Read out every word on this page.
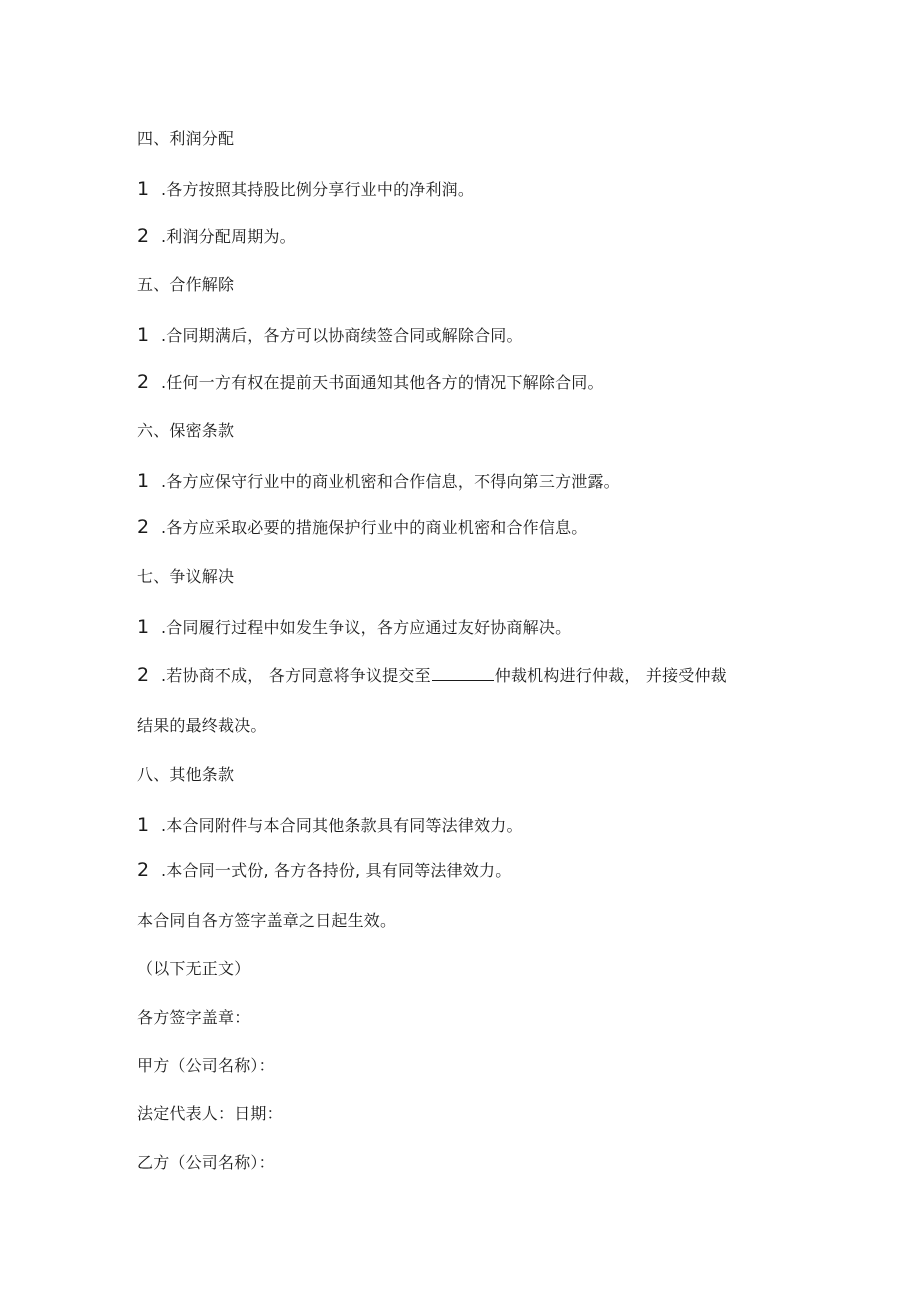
四、利润分配
1 .各方按照其持股比例分享行业中的净利润。
2 .利润分配周期为。
五、合作解除
1 .合同期满后，各方可以协商续签合同或解除合同。
2 .任何一方有权在提前天书面通知其他各方的情况下解除合同。
六、保密条款
1 .各方应保守行业中的商业机密和合作信息，不得向第三方泄露。
2 .各方应采取必要的措施保护行业中的商业机密和合作信息。
七、争议解决
1 .合同履行过程中如发生争议，各方应通过友好协商解决。
2 .若协商不成， 各方同意将争议提交至	仲裁机构进行仲裁， 并接受仲裁
结果的最终裁决。
八、其他条款
1 .本合同附件与本合同其他条款具有同等法律效力。
2 .本合同一式份, 各方各持份, 具有同等法律效力。
本合同自各方签字盖章之日起生效。
（以下无正文）
各方签字盖章：
甲方（公司名称）：
法定代表人：日期：
乙方（公司名称）：
